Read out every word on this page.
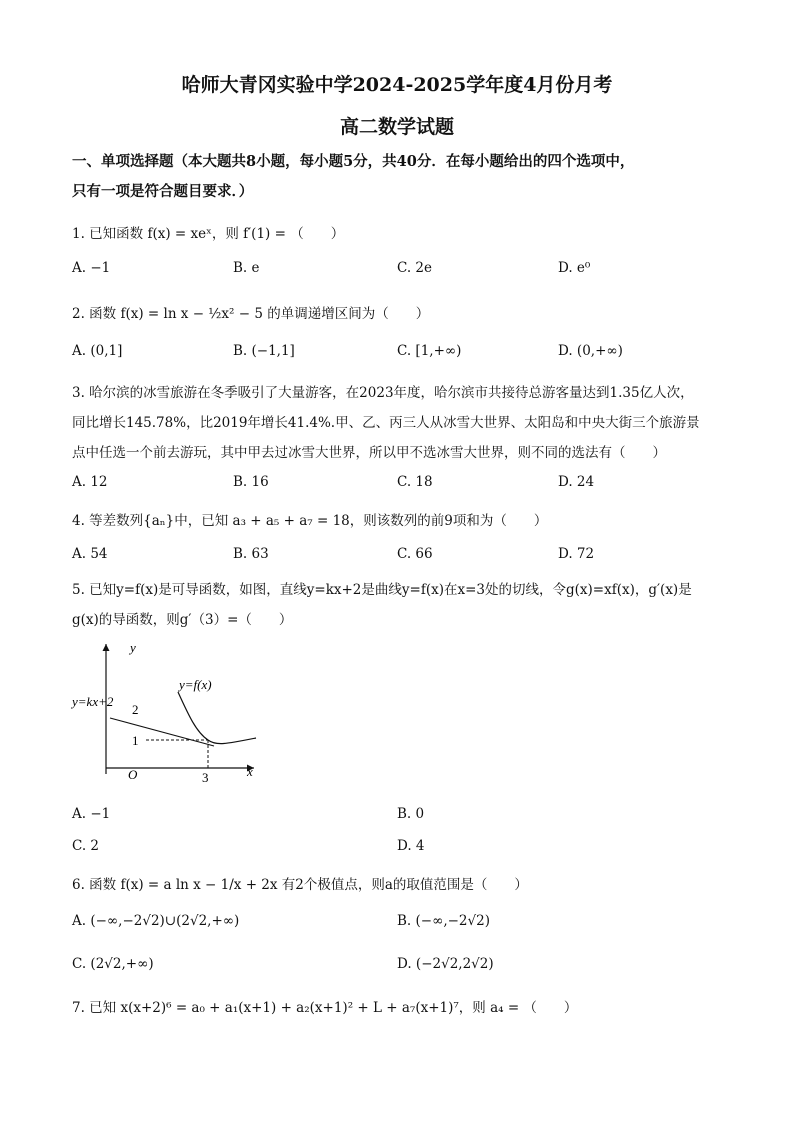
哈师大青冈实验中学2024-2025学年度4月份月考
高二数学试题
一、单项选择题（本大题共8小题，每小题5分，共40分．在每小题给出的四个选项中，
只有一项是符合题目要求．）
1. 已知函数 f(x) = xeˣ，则 f′(1) = （　　）
A. −1	B. e	C. 2e	D. e⁰
2. 函数 f(x) = ln x − ½x² − 5 的单调递增区间为（　　）
A. (0,1]	B. (−1,1]	C. [1,+∞)	D. (0,+∞)
3. 哈尔滨的冰雪旅游在冬季吸引了大量游客，在2023年度，哈尔滨市共接待总游客量达到1.35亿人次，
同比增长145.78%，比2019年增长41.4%.甲、乙、丙三人从冰雪大世界、太阳岛和中央大街三个旅游景
点中任选一个前去游玩，其中甲去过冰雪大世界，所以甲不选冰雪大世界，则不同的选法有（　　）
A. 12	B. 16	C. 18	D. 24
4. 等差数列{aₙ}中，已知 a₃ + a₅ + a₇ = 18，则该数列的前9项和为（　　）
A. 54	B. 63	C. 66	D. 72
5. 已知y=f(x)是可导函数，如图，直线y=kx+2是曲线y=f(x)在x=3处的切线，令g(x)=xf(x)，g′(x)是
g(x)的导函数，则g′（3）=（　　）
y
x
O
y=f(x)
y=kx+2
2
1
3
A. −1	B. 0
C. 2	D. 4
6. 函数 f(x) = a ln x − 1/x + 2x 有2个极值点，则a的取值范围是（　　）
A. (−∞,−2√2)∪(2√2,+∞)	B. (−∞,−2√2)
C. (2√2,+∞)	D. (−2√2,2√2)
7. 已知 x(x+2)⁶ = a₀ + a₁(x+1) + a₂(x+1)² + L + a₇(x+1)⁷，则 a₄ = （　　）
